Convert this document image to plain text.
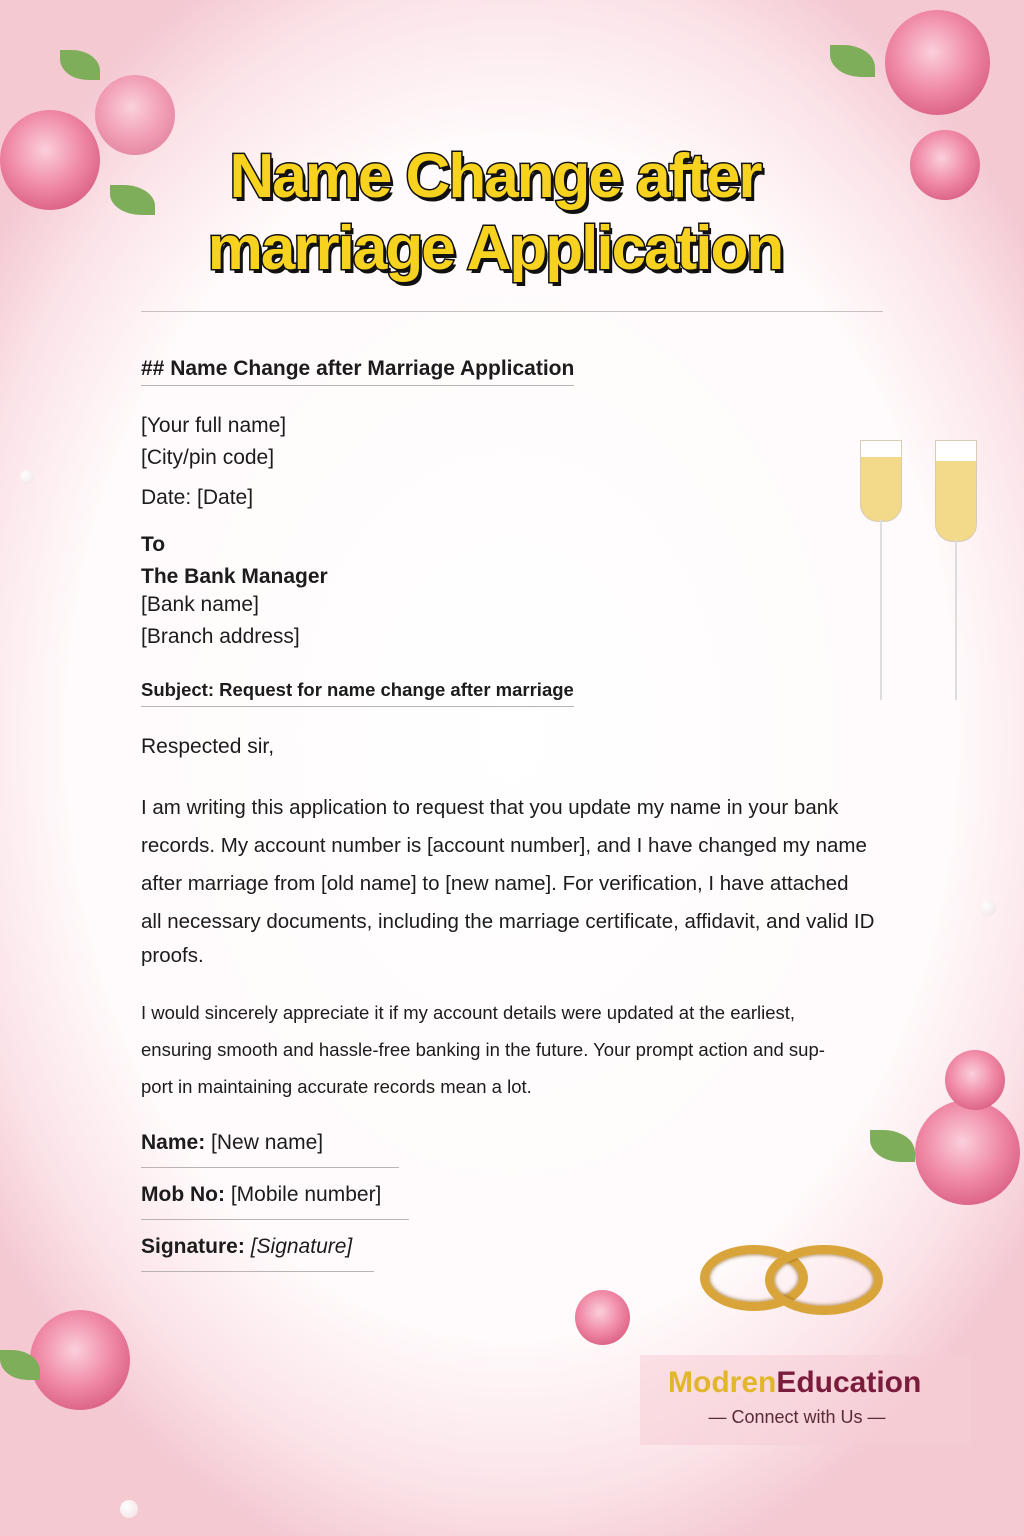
Name Change after
marriage Application
## Name Change after Marriage Application
[Your full name]
[City/pin code]
Date: [Date]
To
The Bank Manager
[Bank name]
[Branch address]
Subject: Request for name change after marriage
Respected sir,
I am writing this application to request that you update my name in your bank
records. My account number is [account number], and I have changed my name
after marriage from [old name] to [new name]. For verification, I have attached
all necessary documents, including the marriage certificate, affidavit, and valid ID
proofs.
I would sincerely appreciate it if my account details were updated at the earliest,
ensuring smooth and hassle-free banking in the future. Your prompt action and sup-
port in maintaining accurate records mean a lot.
Name: [New name]
Mob No: [Mobile number]
Signature: [Signature]
ModrenEducation
— Connect with Us —
